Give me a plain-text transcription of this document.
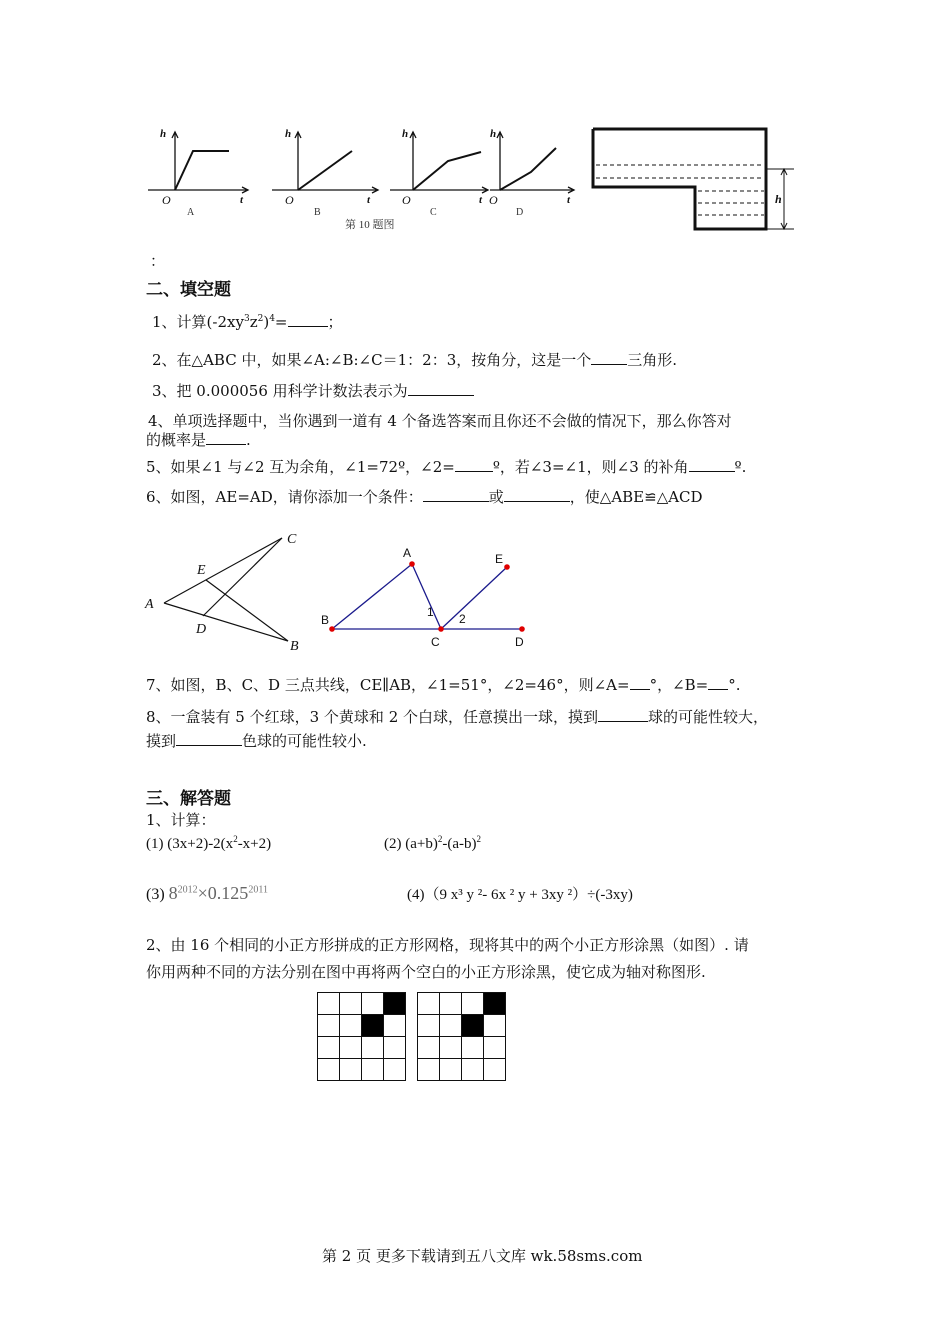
h	h	h	h
t	t	t	t
O	O	O	O
A	B	C	D
第 10 题图
h
：
二、填空题
1、计算$(-2xy^3z^2)^4=$	；
2、在△ABC 中，如果∠A:∠B:∠C＝1：2：3，按角分，这是一个 三角形.
3、把 0.000056 用科学计数法表示为
4、单项选择题中，当你遇到一道有 4 个备选答案而且你还不会做的情况下，那么你答对
的概率是	.
5、如果∠1 与∠2 互为余角，∠1=72º，∠2=	º，若∠3=∠1，则∠3 的补角	º.
6、如图，AE=AD，请你添加一个条件：	或	，使△ABE≌△ACD
A
E
D
C
B
A	E
B
C	D
1 2
7、如图，B、C、D 三点共线，CE∥AB，∠1=51°，∠2=46°，则∠A= °，∠B= °.
8、一盒装有 5 个红球，3 个黄球和 2 个白球，任意摸出一球，摸到	球的可能性较大，
摸到	色球的可能性较小.
三、解答题
1、计算：
(1) $(3x+2)-2(x^2-x+2)$	(2) $(a+b)^2-(a-b)^2$
(3) $8^{2012}\times 0.125^{2011}$	(4)（9 x³ y ²- 6x ² y + 3xy ²）÷(-3xy)
2、由 16 个相同的小正方形拼成的正方形网格，现将其中的两个小正方形涂黑（如图）. 请
你用两种不同的方法分别在图中再将两个空白的小正方形涂黑，使它成为轴对称图形.

第 2 页 更多下载请到五八文库 wk.58sms.com
